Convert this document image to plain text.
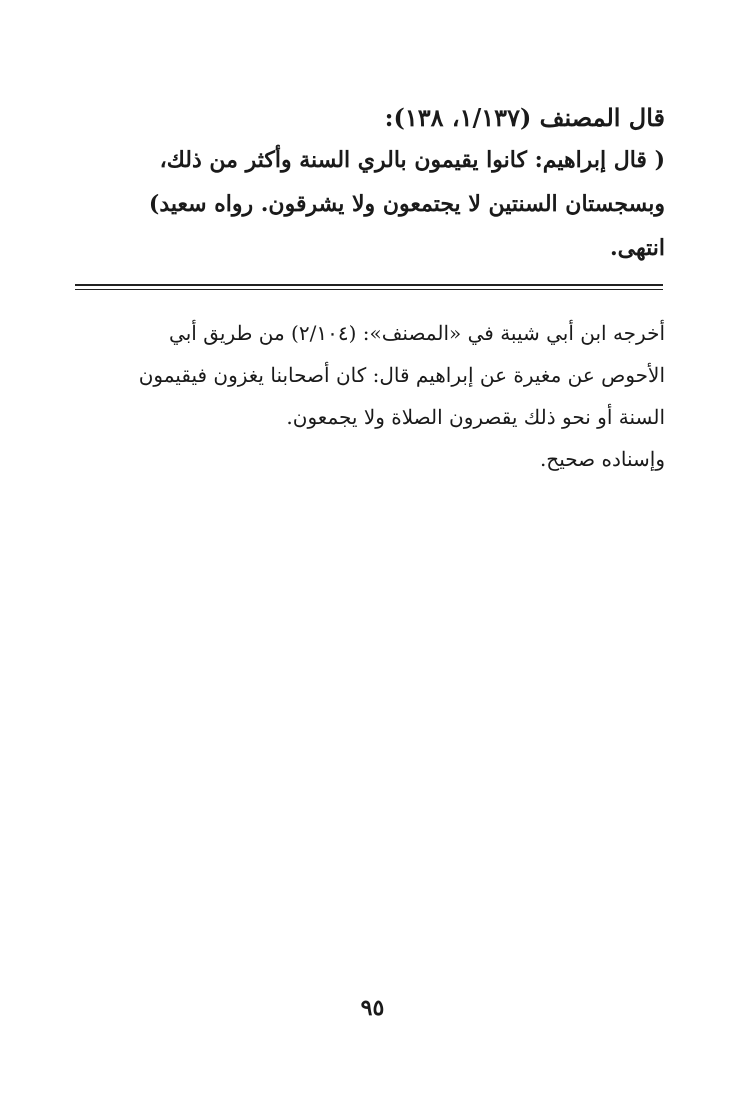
قال المصنف (١/١٣٧، ١٣٨):

( قال إبراهيم: كانوا يقيمون بالري السنة وأكثر من ذلك،

وبسجستان السنتين لا يجتمعون ولا يشرقون. رواه سعيد)

انتهى.

أخرجه ابن أبي شيبة في «المصنف»: (٢/١٠٤) من طريق أبي

الأحوص عن مغيرة عن إبراهيم قال: كان أصحابنا يغزون فيقيمون

السنة أو نحو ذلك يقصرون الصلاة ولا يجمعون.

وإسناده صحيح.

٩٥
